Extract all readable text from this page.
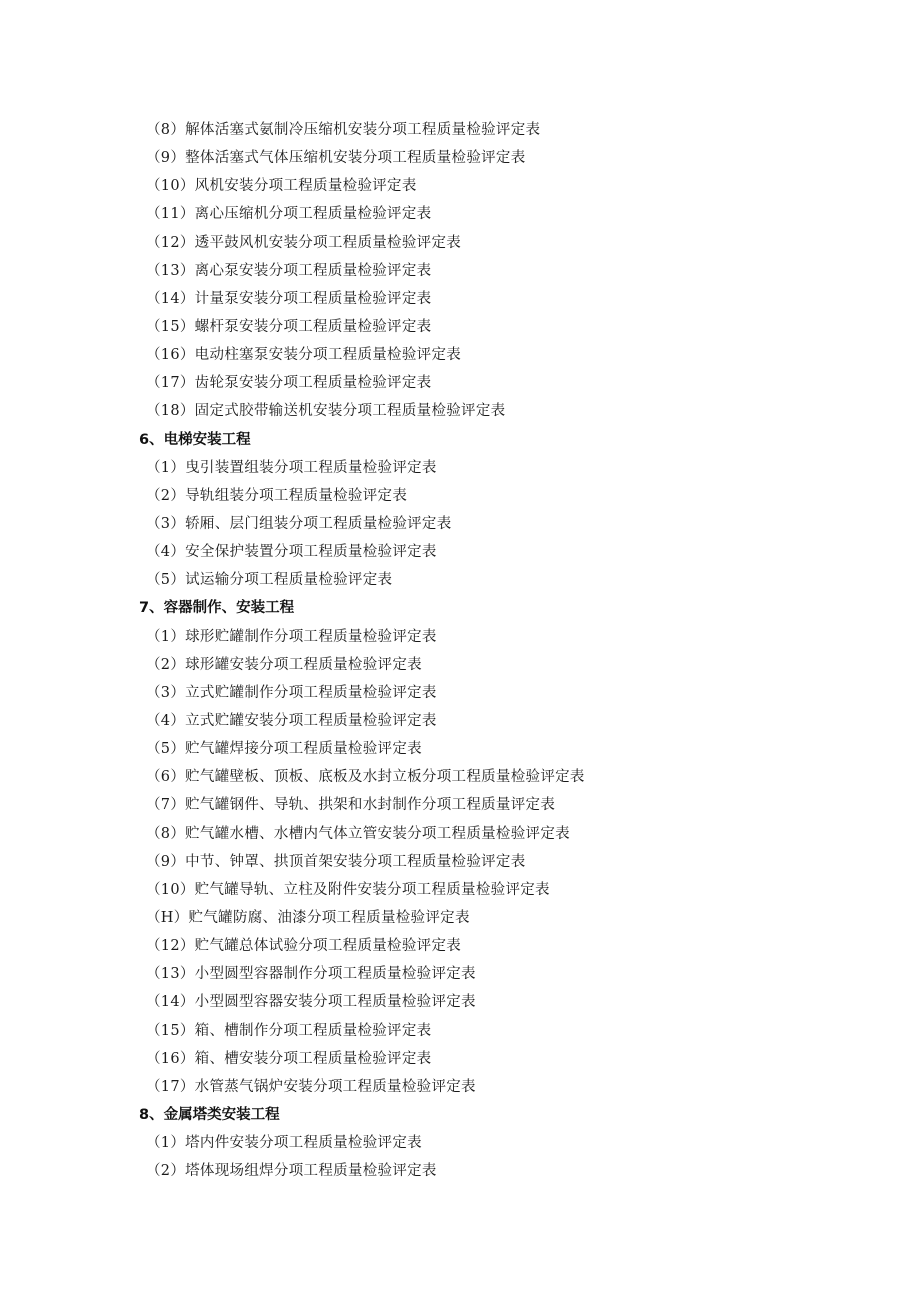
（8）解体活塞式氨制冷压缩机安装分项工程质量检验评定表
（9）整体活塞式气体压缩机安装分项工程质量检验评定表
（10）风机安装分项工程质量检验评定表
（11）离心压缩机分项工程质量检验评定表
（12）透平鼓风机安装分项工程质量检验评定表
（13）离心泵安装分项工程质量检验评定表
（14）计量泵安装分项工程质量检验评定表
（15）螺杆泵安装分项工程质量检验评定表
（16）电动柱塞泵安装分项工程质量检验评定表
（17）齿轮泵安装分项工程质量检验评定表
（18）固定式胶带输送机安装分项工程质量检验评定表
6、电梯安装工程
（1）曳引装置组装分项工程质量检验评定表
（2）导轨组装分项工程质量检验评定表
（3）轿厢、层门组装分项工程质量检验评定表
（4）安全保护装置分项工程质量检验评定表
（5）试运输分项工程质量检验评定表
7、容器制作、安装工程
（1）球形贮罐制作分项工程质量检验评定表
（2）球形罐安装分项工程质量检验评定表
（3）立式贮罐制作分项工程质量检验评定表
（4）立式贮罐安装分项工程质量检验评定表
（5）贮气罐焊接分项工程质量检验评定表
（6）贮气罐壁板、顶板、底板及水封立板分项工程质量检验评定表
（7）贮气罐钢件、导轨、拱架和水封制作分项工程质量评定表
（8）贮气罐水槽、水槽内气体立管安装分项工程质量检验评定表
（9）中节、钟罩、拱顶首架安装分项工程质量检验评定表
（10）贮气罐导轨、立柱及附件安装分项工程质量检验评定表
（H）贮气罐防腐、油漆分项工程质量检验评定表
（12）贮气罐总体试验分项工程质量检验评定表
（13）小型圆型容器制作分项工程质量检验评定表
（14）小型圆型容器安装分项工程质量检验评定表
（15）箱、槽制作分项工程质量检验评定表
（16）箱、槽安装分项工程质量检验评定表
（17）水管蒸气锅炉安装分项工程质量检验评定表
8、金属塔类安装工程
（1）塔内件安装分项工程质量检验评定表
（2）塔体现场组焊分项工程质量检验评定表
